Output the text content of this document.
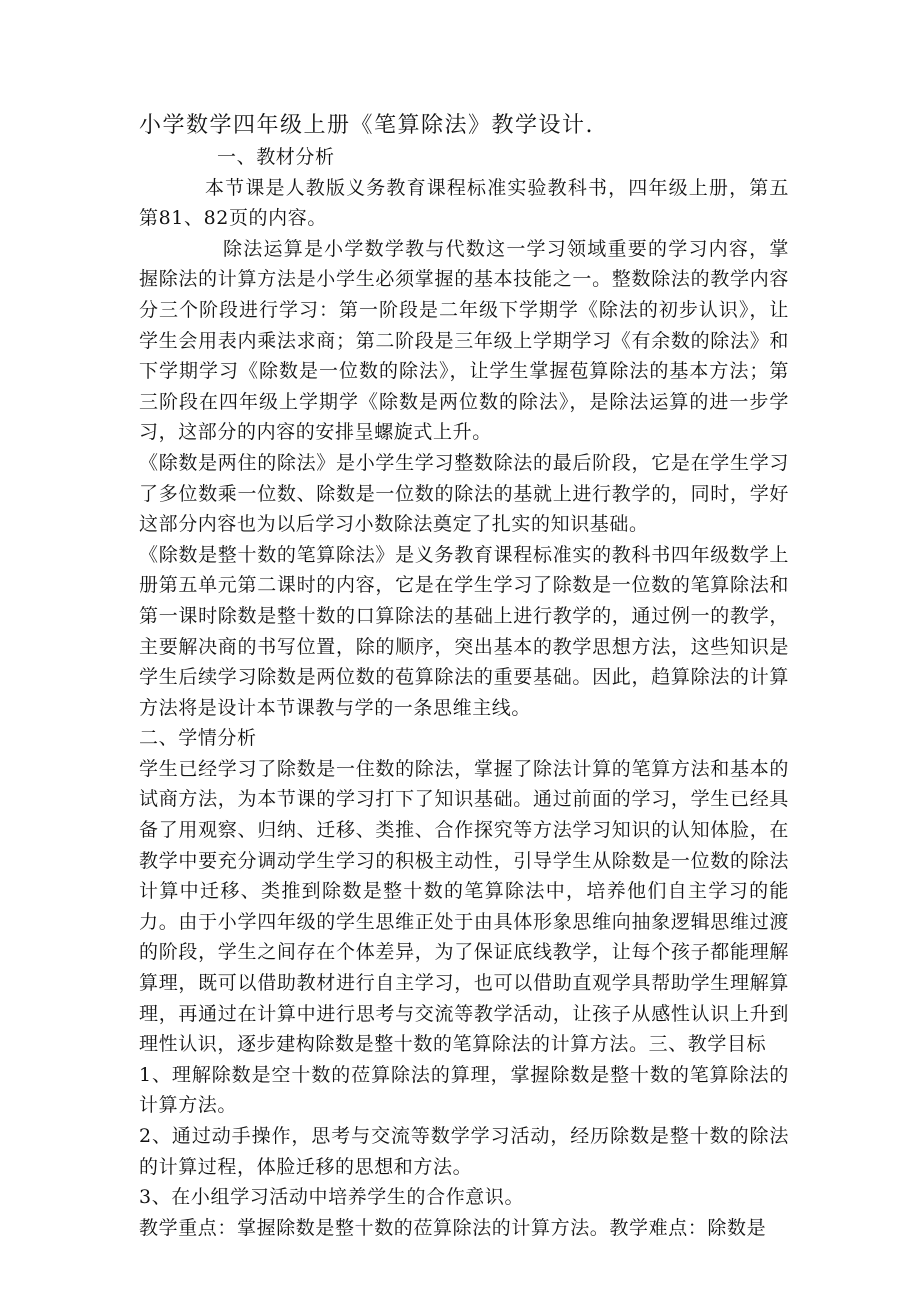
小学数学四年级上册《笔算除法》教学设计.

一、教材分析

本节课是人教版义务教育课程标准实验教科书，四年级上册，第五第81、82页的内容。

除法运算是小学数学教与代数这一学习领域重要的学习内容，掌握除法的计算方法是小学生必须掌握的基本技能之一。整数除法的教学内容分三个阶段进行学习：第一阶段是二年级下学期学《除法的初步认识》，让学生会用表内乘法求商；第二阶段是三年级上学期学习《有余数的除法》和下学期学习《除数是一位数的除法》，让学生掌握苞算除法的基本方法；第三阶段在四年级上学期学《除数是两位数的除法》，是除法运算的进一步学习，这部分的内容的安排呈螺旋式上升。

《除数是两住的除法》是小学生学习整数除法的最后阶段，它是在学生学习了多位数乘一位数、除数是一位数的除法的基就上进行教学的，同时，学好这部分内容也为以后学习小数除法奠定了扎实的知识基础。

《除数是整十数的笔算除法》是义务教育课程标准实的教科书四年级数学上册第五单元第二课时的内容，它是在学生学习了除数是一位数的笔算除法和第一课时除数是整十数的口算除法的基础上进行教学的，通过例一的教学，主要解决商的书写位置，除的顺序，突出基本的教学思想方法，这些知识是学生后续学习除数是两位数的苞算除法的重要基础。因此，趋算除法的计算方法将是设计本节课教与学的一条思维主线。

二、学情分析

学生已经学习了除数是一住数的除法，掌握了除法计算的笔算方法和基本的试商方法，为本节课的学习打下了知识基础。通过前面的学习，学生已经具备了用观察、归纳、迁移、类推、合作探究等方法学习知识的认知体脸，在教学中要充分调动学生学习的积极主动性，引导学生从除数是一位数的除法计算中迁移、类推到除数是整十数的笔算除法中，培养他们自主学习的能力。由于小学四年级的学生思维正处于由具体形象思维向抽象逻辑思维过渡的阶段，学生之间存在个体差异，为了保证底线教学，让每个孩子都能理解算理，既可以借助教材进行自主学习，也可以借助直观学具帮助学生理解算理，再通过在计算中进行思考与交流等教学活动，让孩子从感性认识上升到理性认识，逐步建构除数是整十数的笔算除法的计算方法。三、教学目标

1、理解除数是空十数的莅算除法的算理，掌握除数是整十数的笔算除法的计算方法。

2、通过动手操作，思考与交流等数学学习活动，经历除数是整十数的除法的计算过程，体脸迁移的思想和方法。

3、在小组学习活动中培养学生的合作意识。

教学重点：掌握除数是整十数的莅算除法的计算方法。教学难点：除数是
